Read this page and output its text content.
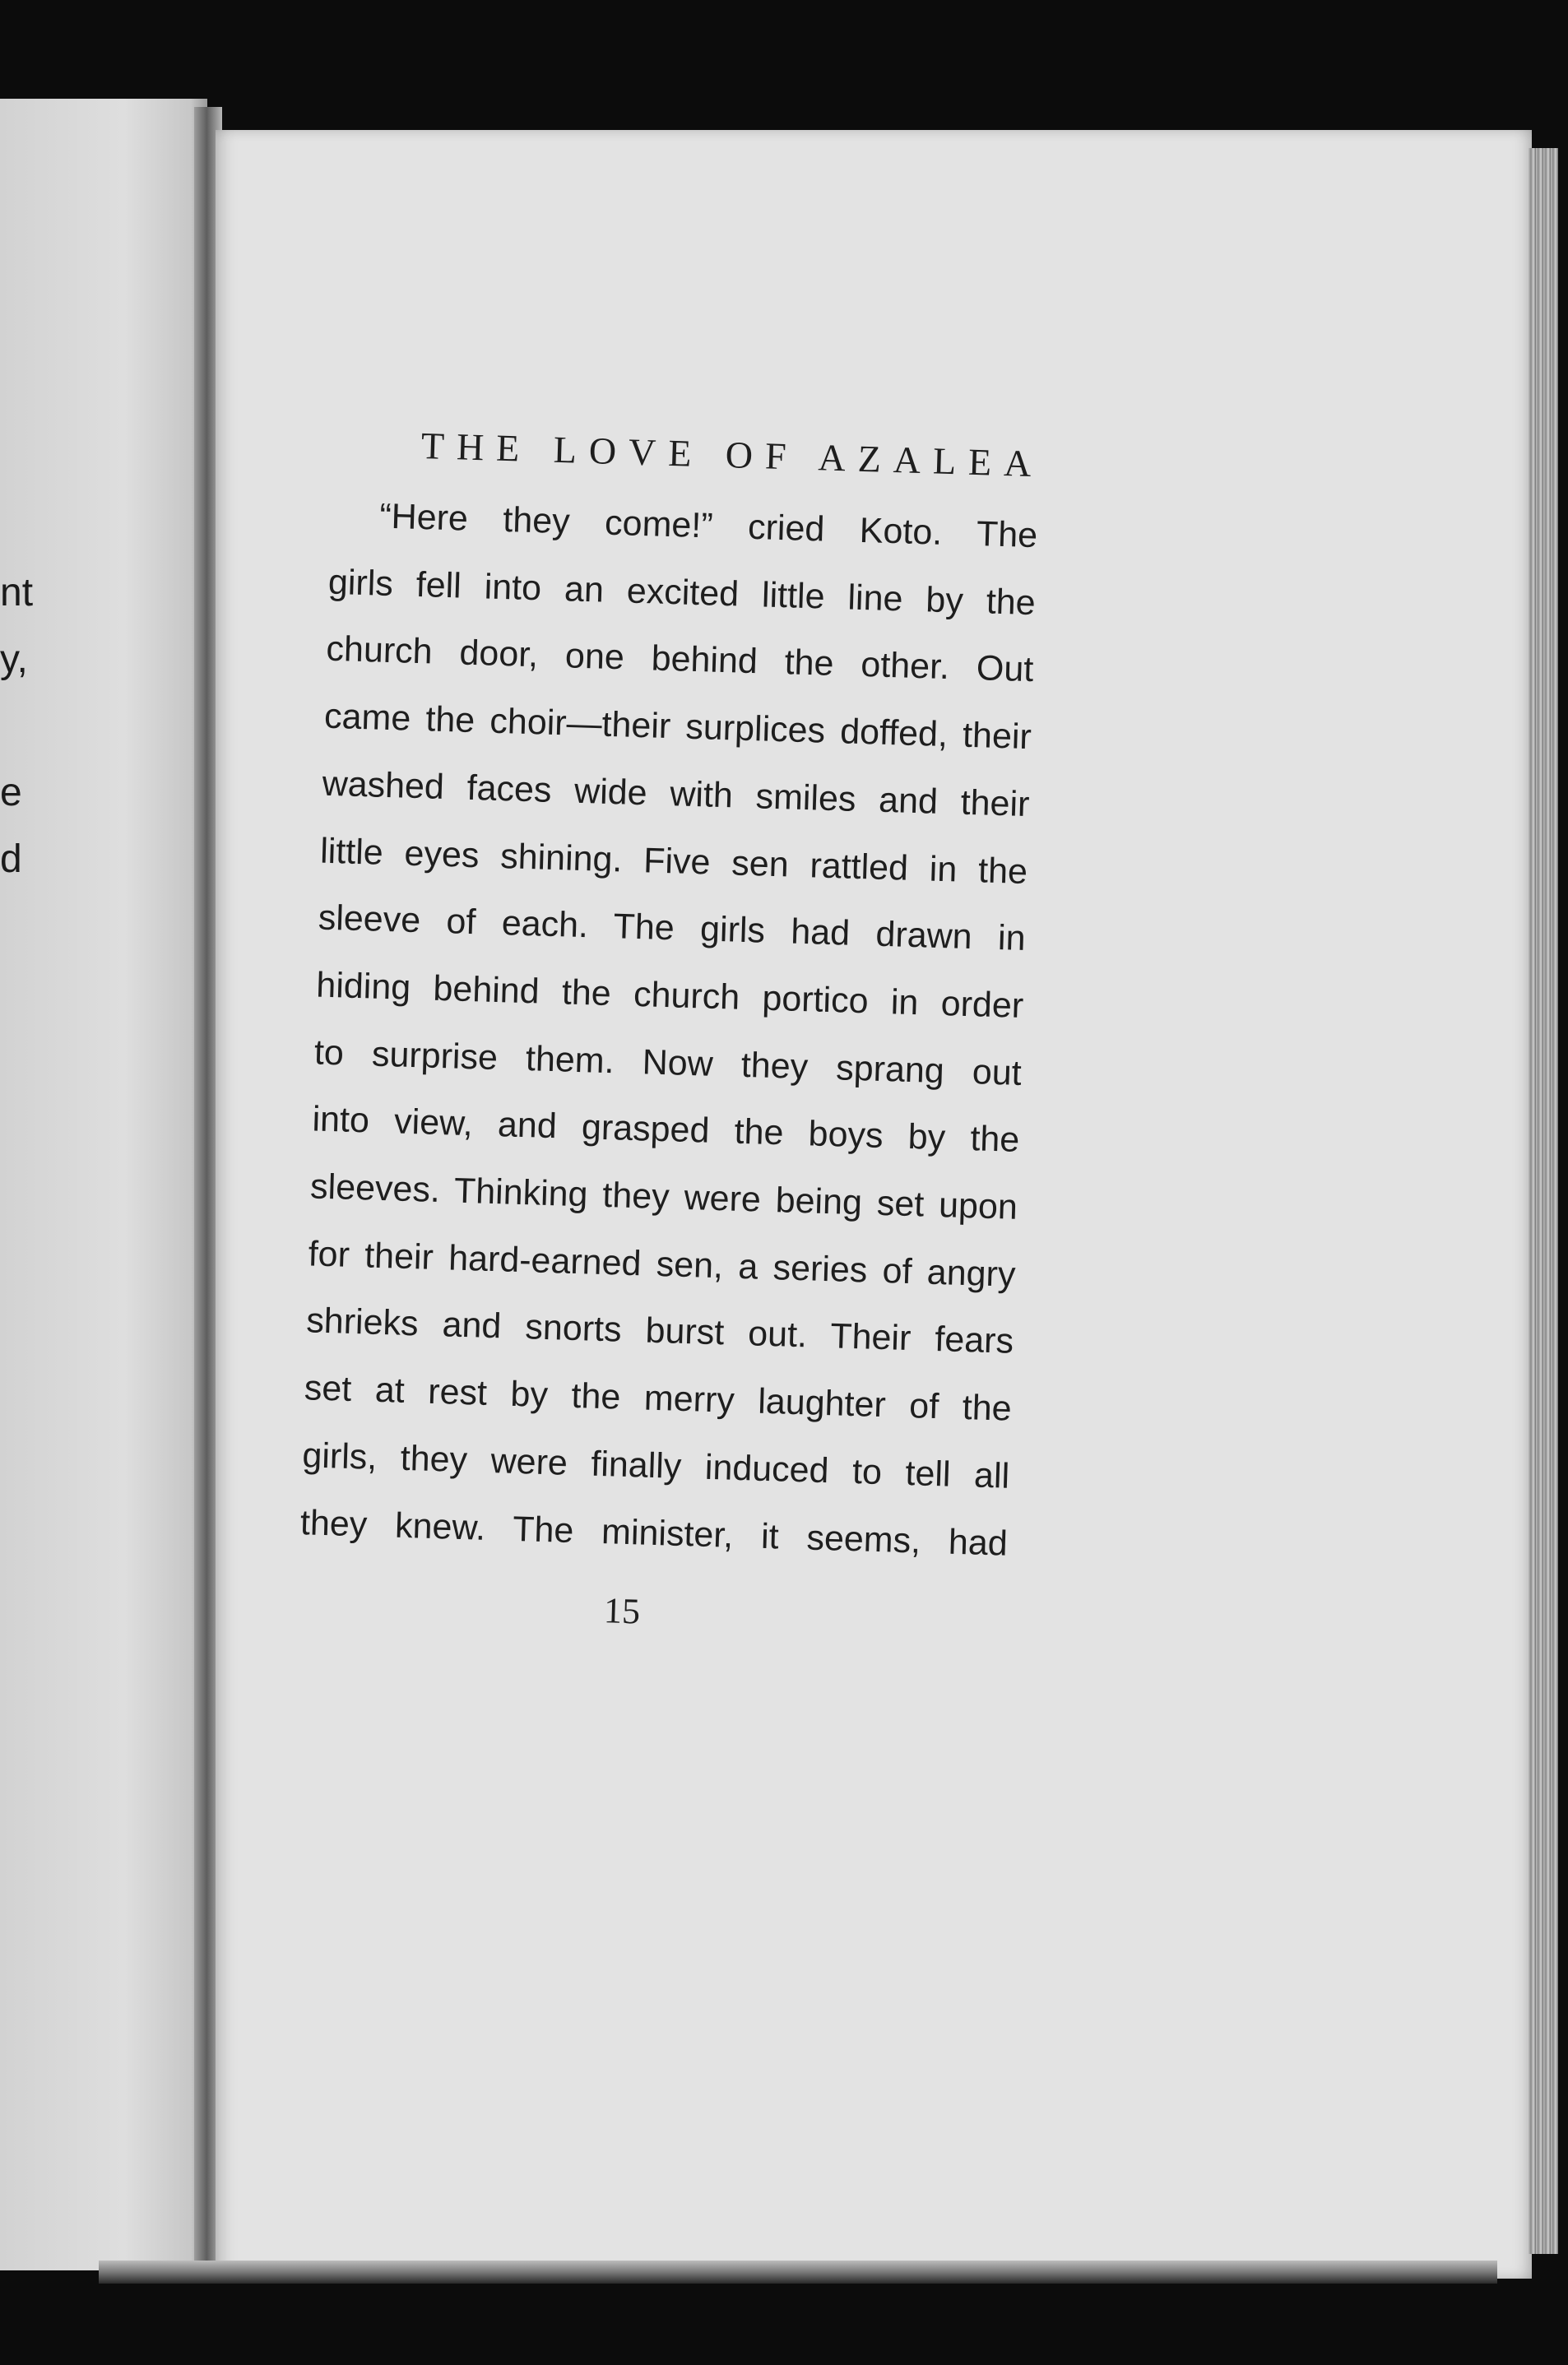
nt
y,
e
d
THE LOVE OF AZALEA
“Here they come!” cried Koto. The
girls fell into an excited little line by the
church door, one behind the other. Out
came the choir—their surplices doffed, their
washed faces wide with smiles and their
little eyes shining. Five sen rattled in the
sleeve of each. The girls had drawn in
hiding behind the church portico in order
to surprise them. Now they sprang out
into view, and grasped the boys by the
sleeves. Thinking they were being set upon
for their hard-earned sen, a series of angry
shrieks and snorts burst out. Their fears
set at rest by the merry laughter of the
girls, they were finally induced to tell all
they knew. The minister, it seems, had
15
